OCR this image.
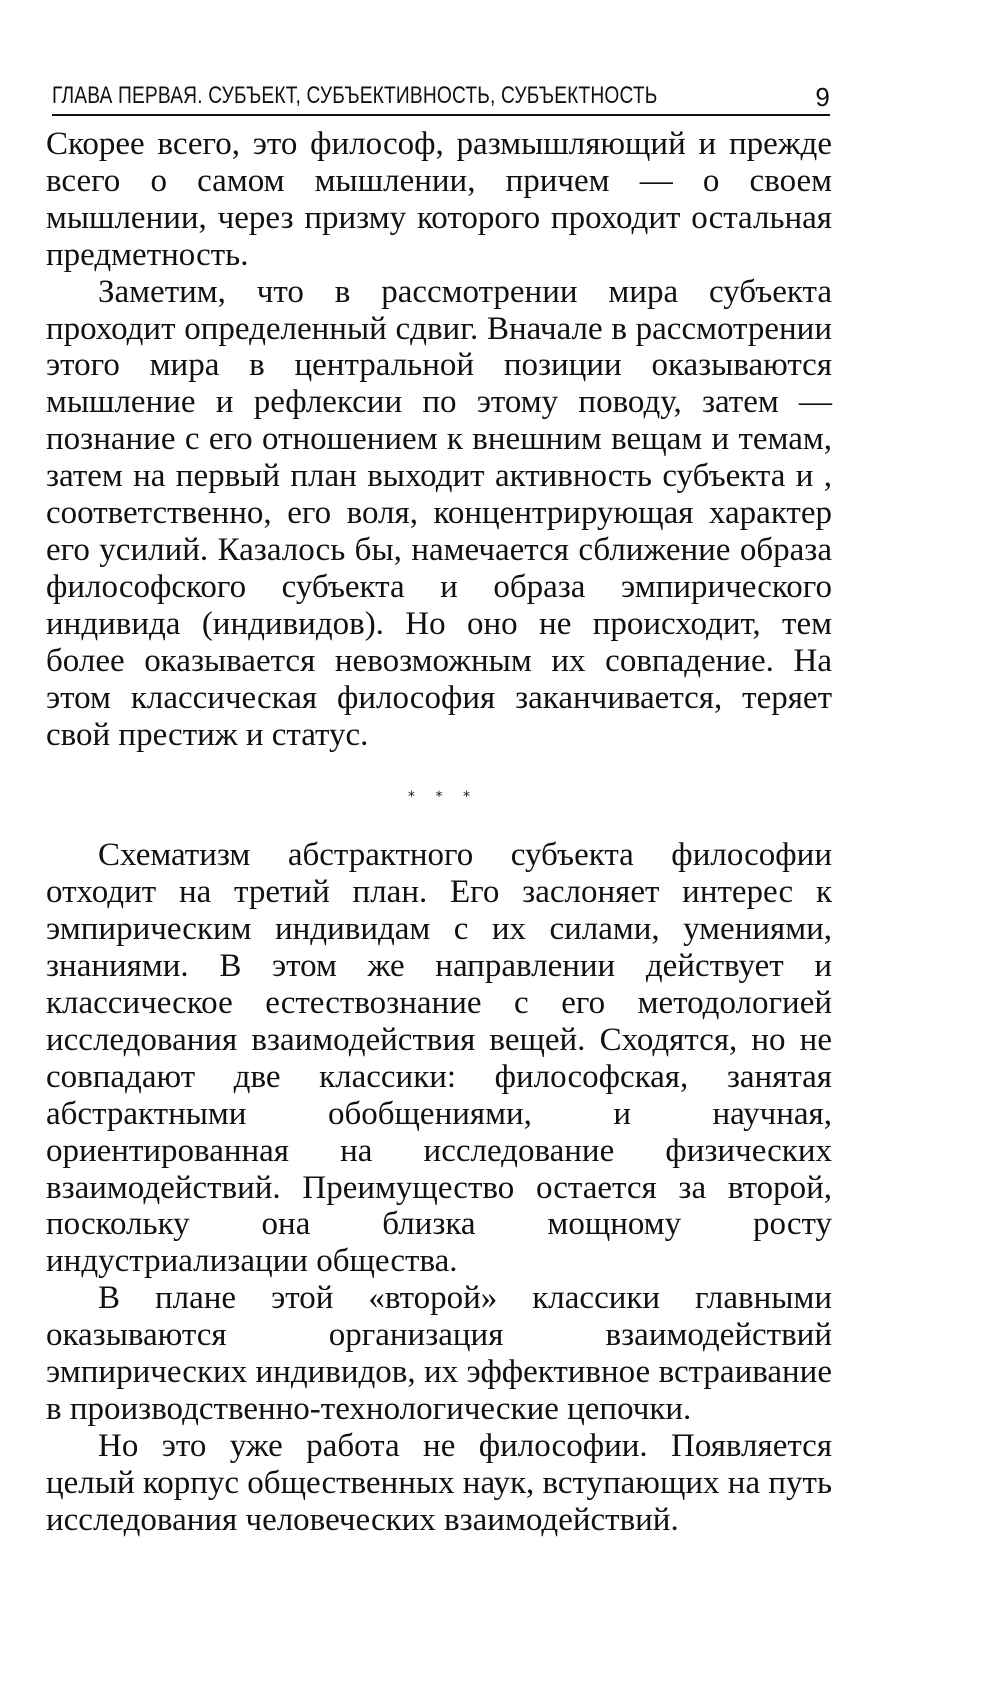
ГЛАВА ПЕРВАЯ. СУБЪЕКТ, СУБЪЕКТИВНОСТЬ, СУБЪЕКТНОСТЬ	9

Скорее всего, это философ, размышляющий и прежде всего о самом мышлении, причем — о своем мышлении, через призму которого проходит остальная предметность.

Заметим, что в рассмотрении мира субъекта проходит определенный сдвиг. Вначале в рассмотрении этого мира в центральной позиции оказываются мышление и рефлексии по этому поводу, затем — познание с его отношением к внешним вещам и темам, затем на первый план выходит активность субъекта и , соответственно, его воля, концентрирующая характер его усилий. Казалось бы, намечается сближение образа философского субъекта и образа эмпирического индивида (индивидов). Но оно не происходит, тем более оказывается невозможным их совпадение. На этом классическая философия заканчивается, теряет свой престиж и статус.

* * *

Схематизм абстрактного субъекта философии отходит на третий план. Его заслоняет интерес к эмпирическим индивидам с их силами, умениями, знаниями. В этом же направлении действует и классическое естествознание с его методологией исследования взаимодействия вещей. Сходятся, но не совпадают две классики: философская, занятая абстрактными обобщениями, и научная, ориентированная на исследование физических взаимодействий. Преимущество остается за второй, поскольку она близка мощному росту индустриализации общества.

В плане этой «второй» классики главными оказываются организация взаимодействий эмпирических индивидов, их эффективное встраивание в производственно-технологические цепочки.

Но это уже работа не философии. Появляется целый корпус общественных наук, вступающих на путь исследования человеческих взаимодействий.
